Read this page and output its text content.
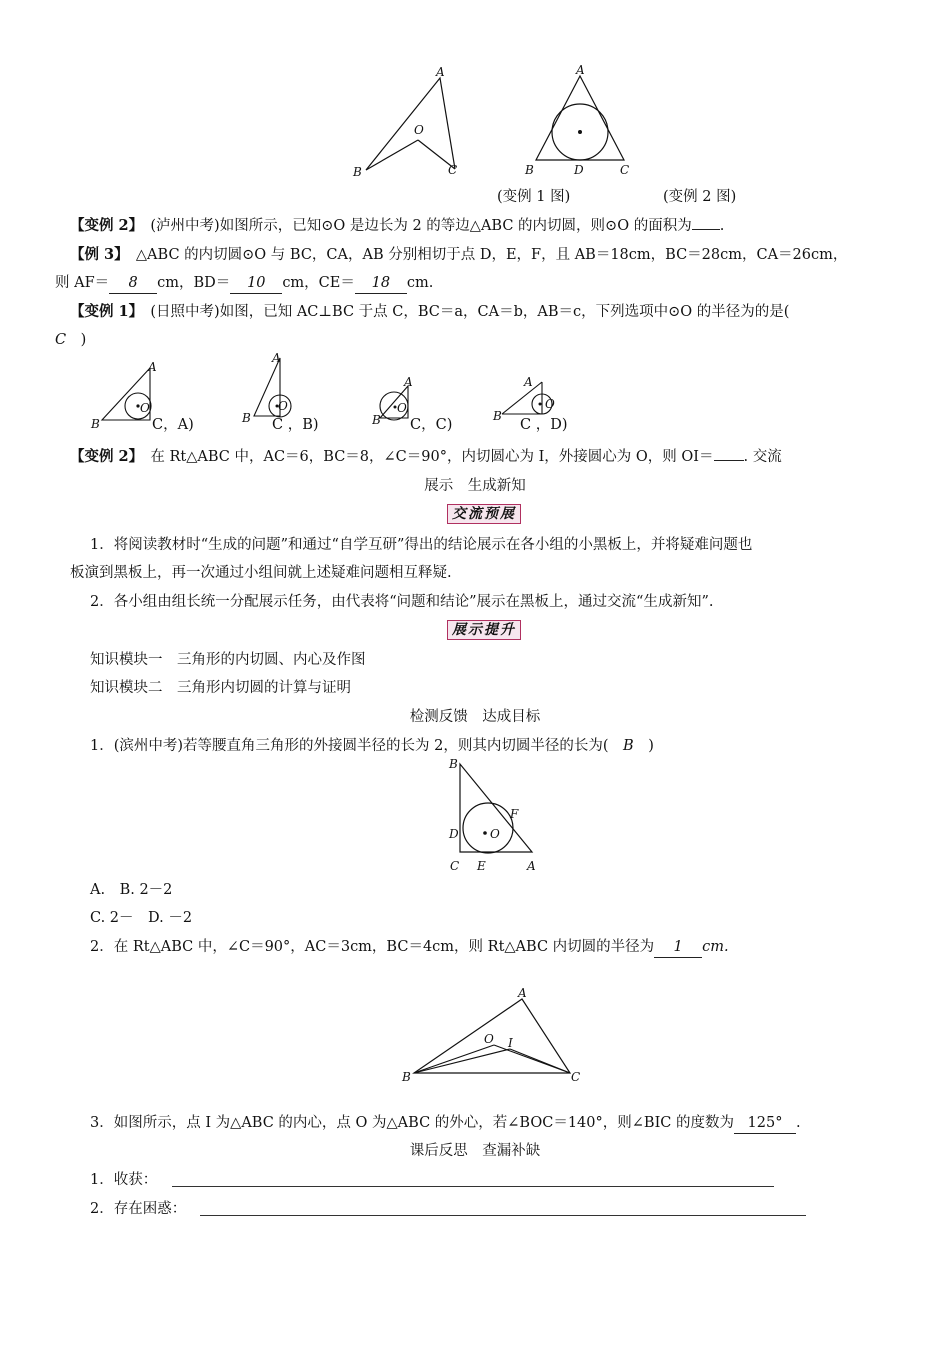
A
B	C
O
A
B	D	C
(变例 1 图)	(变例 2 图)
【变例 2】　 (泸州中考)如图所示，已知⊙O 是边长为 2 的等边△ABC 的内切圆，则⊙O 的面积为 .
【例 3】　 △ABC 的内切圆⊙O 与 BC，CA，AB 分别相切于点 D，E，F，且 AB＝18cm，BC＝28cm，CA＝26cm，
则 AF＝ 8 cm，BD＝ 10 cm，CE＝ 18 cm.
【变例 1】　 (日照中考)如图，已知 AC⊥BC 于点 C，BC＝a，CA＝b，AB＝c，下列选项中⊙O 的半径为的是(
C　 )
A
B
O
C，A)
A
B
O
C ，B)
A
B
O
C，C)
A
B
O
C ，D)
【变例 2】　 在 Rt△ABC 中，AC＝6，BC＝8，∠C＝90°，内切圆心为 I，外接圆心为 O，则 OI＝ . 交流
展示　生成新知
交流预展
1．将阅读教材时“生成的问题”和通过“自学互研”得出的结论展示在各小组的小黑板上，并将疑难问题也
板演到黑板上，再一次通过小组间就上述疑难问题相互释疑.
2．各小组由组长统一分配展示任务，由代表将“问题和结论”展示在黑板上，通过交流“生成新知”.
展示提升
知识模块一　三角形的内切圆、内心及作图
知识模块二　三角形内切圆的计算与证明
检测反馈　达成目标
1．(滨州中考)若等腰直角三角形的外接圆半径的长为 2，则其内切圆半径的长为(　 B　 )
B
D
F
O
C E	A
A.　B. 2－2
C. 2－　D. －2
2．在 Rt△ABC 中，∠C＝90°，AC＝3cm，BC＝4cm，则 Rt△ABC 内切圆的半径为 1 cm.
A
B	C
O I
3．如图所示，点 I 为△ABC 的内心，点 O 为△ABC 的外心，若∠BOC＝140°，则∠BIC 的度数为 125° .
课后反思　查漏补缺
1．收获：
2．存在困惑：
